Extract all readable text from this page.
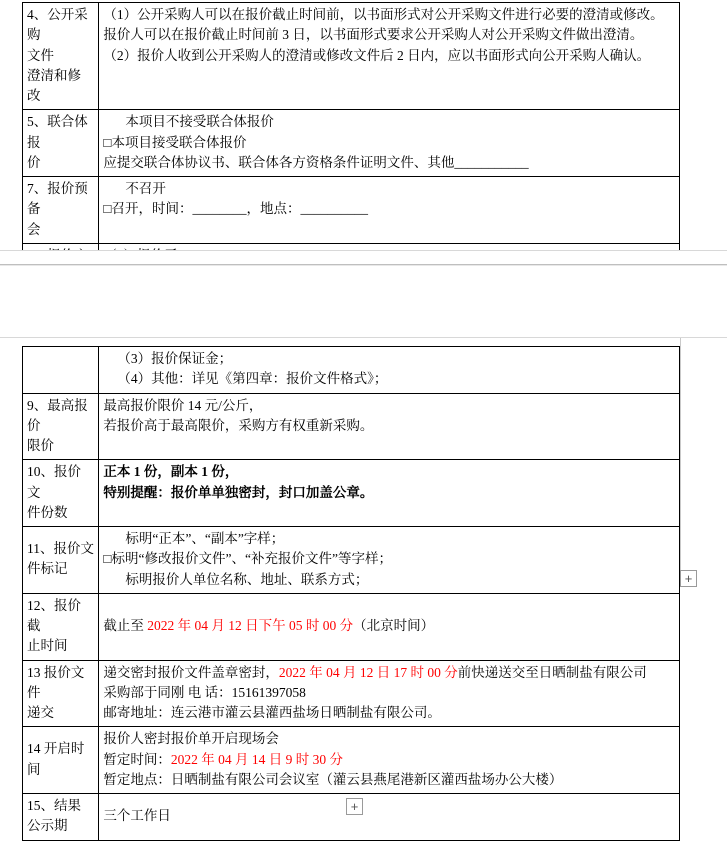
4、公开采购
文件
澄清和修
改	（1）公开采购人可以在报价截止时间前，以书面形式对公开采购文件进行必要的澄清或修改。
报价人可以在报价截止时间前 3 日，以书面形式要求公开采购人对公开采购文件做出澄清。
（2）报价人收到公开采购人的澄清或修改文件后 2 日内，应以书面形式向公开采购人确认。

5、联合体报
价	本项目不接受联合体报价
□本项目接受联合体报价
应提交联合体协议书、联合体各方资格条件证明文件、其他___________

7、报价预备
会	不召开
□召开，时间：________，地点：__________

	（3）报价保证金；
（4）其他：详见《第四章：报价文件格式》；

9、最高报价
限价	最高报价限价 14 元/公斤，
若报价高于最高限价，采购方有权重新采购。

10、报价文
件份数	正本 1 份，副本 1 份，
特别提醒：报价单单独密封，封口加盖公章。

11、报价文
件标记	标明“正本”、“副本”字样；
□标明“修改报价文件”、“补充报价文件”等字样；
标明报价人单位名称、地址、联系方式；

12、报价截
止时间	截止至 2022 年 04 月 12 日下午 05 时 00 分（北京时间）

13 报价文件
递交	递交密封报价文件盖章密封，2022 年 04 月 12 日 17 时 00 分前快递送交至日晒制盐有限公司
采购部于同刚 电 话：15161397058
邮寄地址：连云港市灌云县灌西盐场日晒制盐有限公司。

14 开启时间	报价人密封报价单开启现场会
暂定时间：2022 年 04 月 14 日 9 时 30 分
暂定地点：日晒制盐有限公司会议室（灌云县燕尾港新区灌西盐场办公大楼）

15、结果
公示期	三个工作日
+
+
